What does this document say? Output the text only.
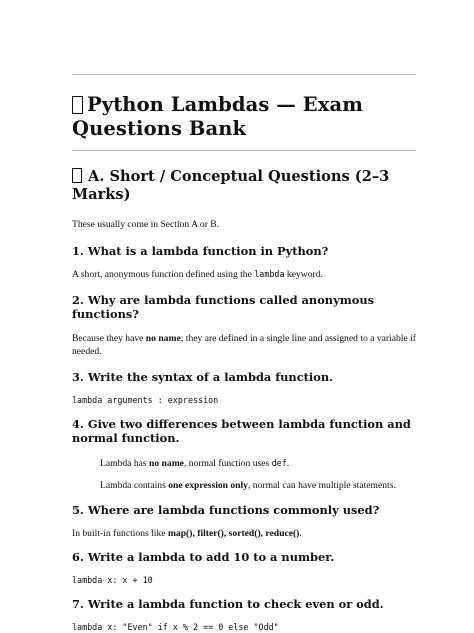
Python Lambdas — Exam Questions Bank
A. Short / Conceptual Questions (2–3 Marks)

These usually come in Section A or B.

1. What is a lambda function in Python?

A short, anonymous function defined using the lambda keyword.

2. Why are lambda functions called anonymous functions?

Because they have no name; they are defined in a single line and assigned to a variable if needed.

3. Write the syntax of a lambda function.
lambda arguments : expression
4. Give two differences between lambda function and normal function.

Lambda has no name, normal function uses def.

Lambda contains one expression only, normal can have multiple statements.

5. Where are lambda functions commonly used?

In built-in functions like map(), filter(), sorted(), reduce().

6. Write a lambda to add 10 to a number.
lambda x: x + 10
7. Write a lambda function to check even or odd.
lambda x: "Even" if x % 2 == 0 else "Odd"
